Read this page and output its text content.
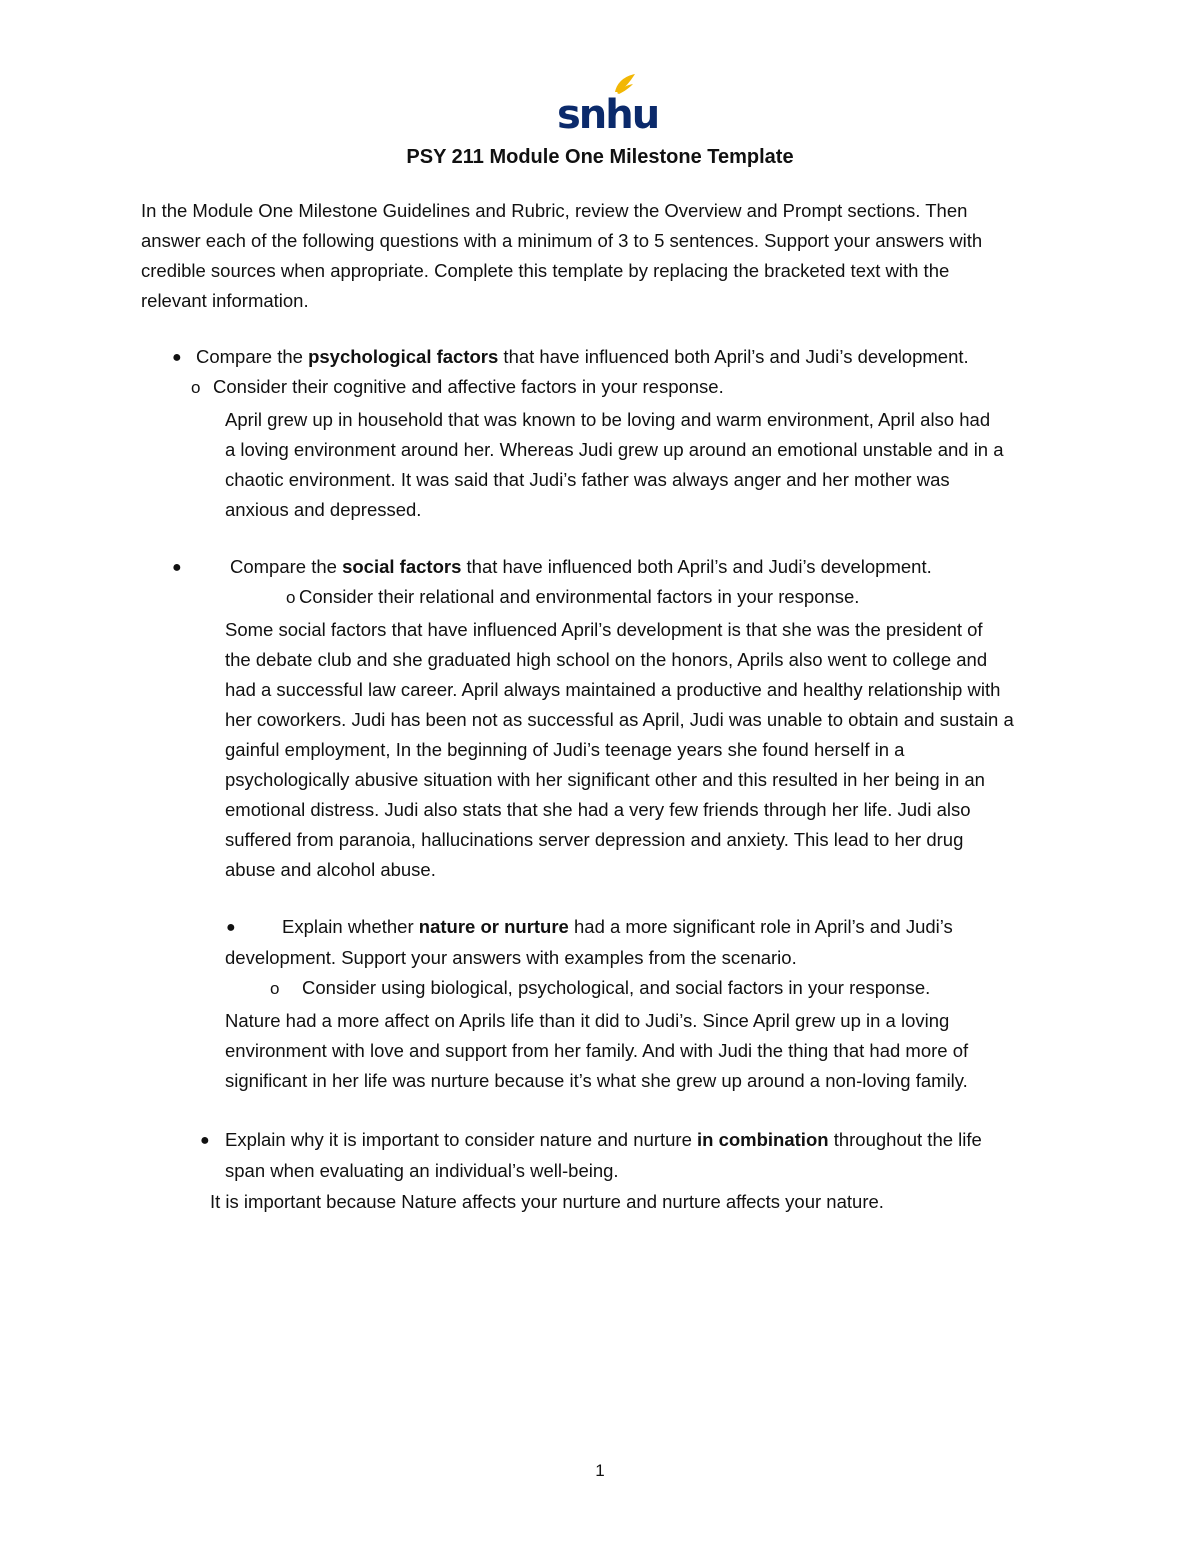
snhu
PSY 211 Module One Milestone Template

In the Module One Milestone Guidelines and Rubric, review the Overview and Prompt sections. Then

answer each of the following questions with a minimum of 3 to 5 sentences. Support your answers with

credible sources when appropriate. Complete this template by replacing the bracketed text with the

relevant information.

● Compare the psychological factors that have influenced both April’s and Judi’s development.

o Consider their cognitive and affective factors in your response.

April grew up in household that was known to be loving and warm environment, April also had

a loving environment around her. Whereas Judi grew up around an emotional unstable and in a

chaotic environment. It was said that Judi’s father was always anger and her mother was

anxious and depressed.

●	Compare the social factors that have influenced both April’s and Judi’s development.

o Consider their relational and environmental factors in your response.

Some social factors that have influenced April’s development is that she was the president of

the debate club and she graduated high school on the honors, Aprils also went to college and

had a successful law career. April always maintained a productive and healthy relationship with

her coworkers. Judi has been not as successful as April, Judi was unable to obtain and sustain a

gainful employment, In the beginning of Judi’s teenage years she found herself in a

psychologically abusive situation with her significant other and this resulted in her being in an

emotional distress. Judi also stats that she had a very few friends through her life. Judi also

suffered from paranoia, hallucinations server depression and anxiety. This lead to her drug

abuse and alcohol abuse.

●	Explain whether nature or nurture had a more significant role in April’s and Judi’s

development. Support your answers with examples from the scenario.

o Consider using biological, psychological, and social factors in your response.

Nature had a more affect on Aprils life than it did to Judi’s. Since April grew up in a loving

environment with love and support from her family. And with Judi the thing that had more of

significant in her life was nurture because it’s what she grew up around a non-loving family.

● Explain why it is important to consider nature and nurture in combination throughout the life

span when evaluating an individual’s well-being.

It is important because Nature affects your nurture and nurture affects your nature.

1
